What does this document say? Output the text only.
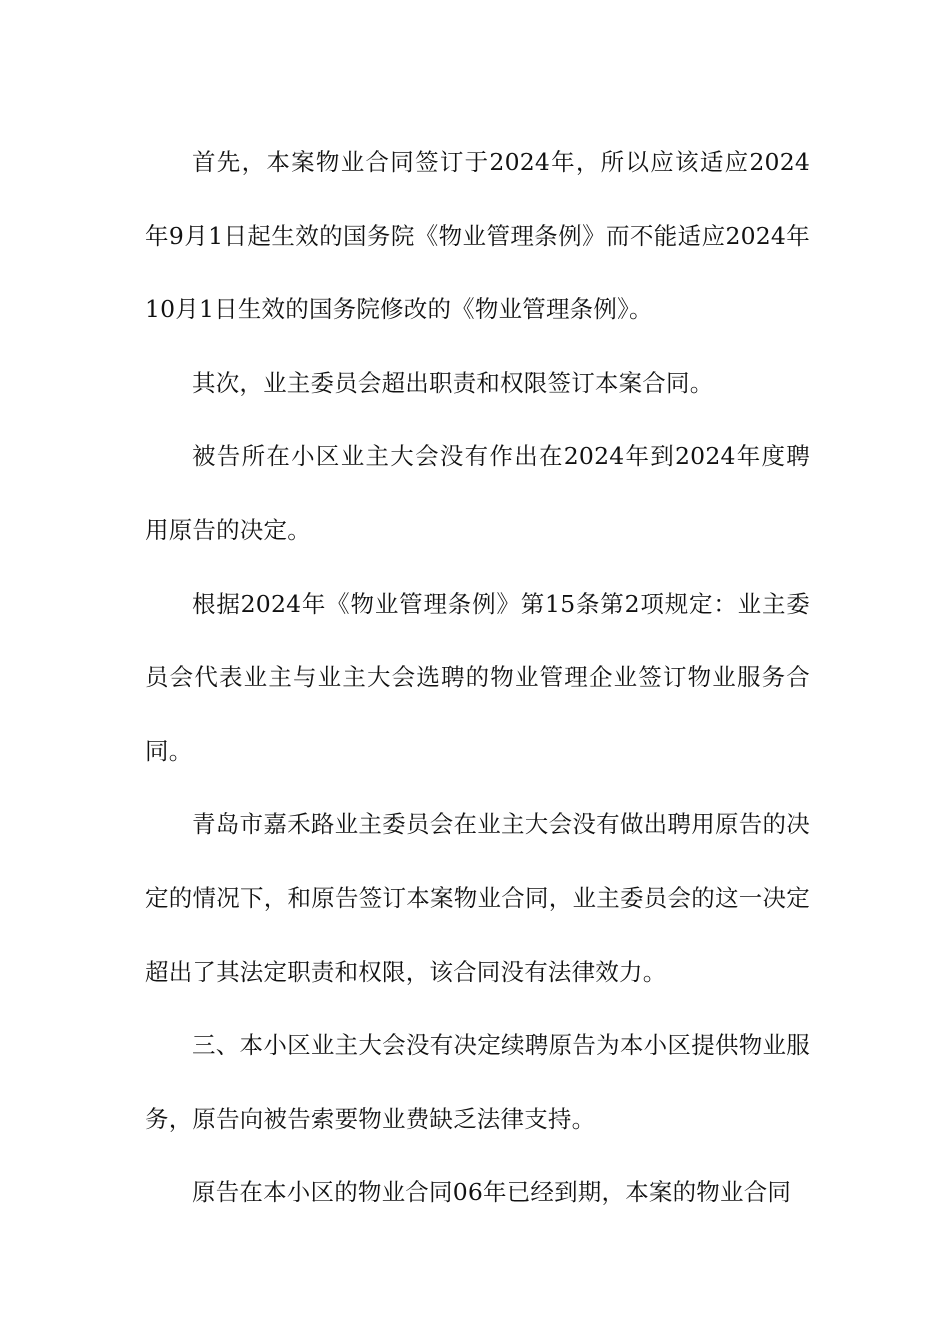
首先，本案物业合同签订于2024年，所以应该适应2024年9月1日起生效的国务院《物业管理条例》而不能适应2024年10月1日生效的国务院修改的《物业管理条例》。

其次，业主委员会超出职责和权限签订本案合同。

被告所在小区业主大会没有作出在2024年到2024年度聘用原告的决定。

根据2024年《物业管理条例》第15条第2项规定：业主委员会代表业主与业主大会选聘的物业管理企业签订物业服务合同。

青岛市嘉禾路业主委员会在业主大会没有做出聘用原告的决定的情况下，和原告签订本案物业合同，业主委员会的这一决定超出了其法定职责和权限，该合同没有法律效力。

三、本小区业主大会没有决定续聘原告为本小区提供物业服务，原告向被告索要物业费缺乏法律支持。

原告在本小区的物业合同06年已经到期，本案的物业合同
